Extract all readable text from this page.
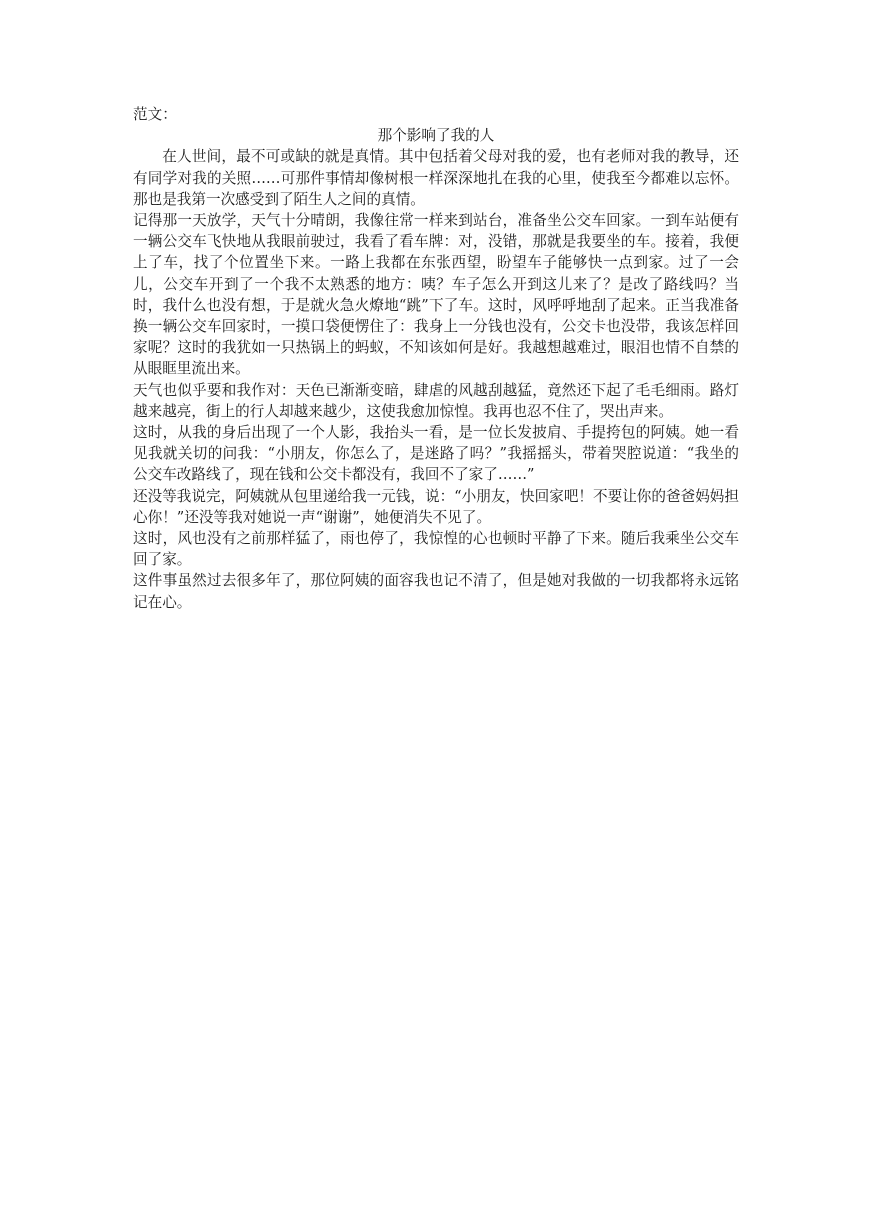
范文：

那个影响了我的人

在人世间，最不可或缺的就是真情。其中包括着父母对我的爱，也有老师对我的教导，还有同学对我的关照……可那件事情却像树根一样深深地扎在我的心里，使我至今都难以忘怀。那也是我第一次感受到了陌生人之间的真情。

记得那一天放学，天气十分晴朗，我像往常一样来到站台，准备坐公交车回家。一到车站便有一辆公交车飞快地从我眼前驶过，我看了看车牌：对，没错，那就是我要坐的车。接着，我便上了车，找了个位置坐下来。一路上我都在东张西望，盼望车子能够快一点到家。过了一会儿，公交车开到了一个我不太熟悉的地方：咦？车子怎么开到这儿来了？是改了路线吗？当时，我什么也没有想，于是就火急火燎地“跳”下了车。这时，风呼呼地刮了起来。正当我准备换一辆公交车回家时，一摸口袋便愣住了：我身上一分钱也没有，公交卡也没带，我该怎样回家呢？这时的我犹如一只热锅上的蚂蚁，不知该如何是好。我越想越难过，眼泪也情不自禁的从眼眶里流出来。

天气也似乎要和我作对：天色已渐渐变暗，肆虐的风越刮越猛，竟然还下起了毛毛细雨。路灯越来越亮，街上的行人却越来越少，这使我愈加惊惶。我再也忍不住了，哭出声来。

这时，从我的身后出现了一个人影，我抬头一看，是一位长发披肩、手提挎包的阿姨。她一看见我就关切的问我：“小朋友，你怎么了，是迷路了吗？”我摇摇头，带着哭腔说道：“我坐的公交车改路线了，现在钱和公交卡都没有，我回不了家了……”

还没等我说完，阿姨就从包里递给我一元钱，说：“小朋友，快回家吧！不要让你的爸爸妈妈担心你！”还没等我对她说一声“谢谢”，她便消失不见了。

这时，风也没有之前那样猛了，雨也停了，我惊惶的心也顿时平静了下来。随后我乘坐公交车回了家。

这件事虽然过去很多年了，那位阿姨的面容我也记不清了，但是她对我做的一切我都将永远铭记在心。
